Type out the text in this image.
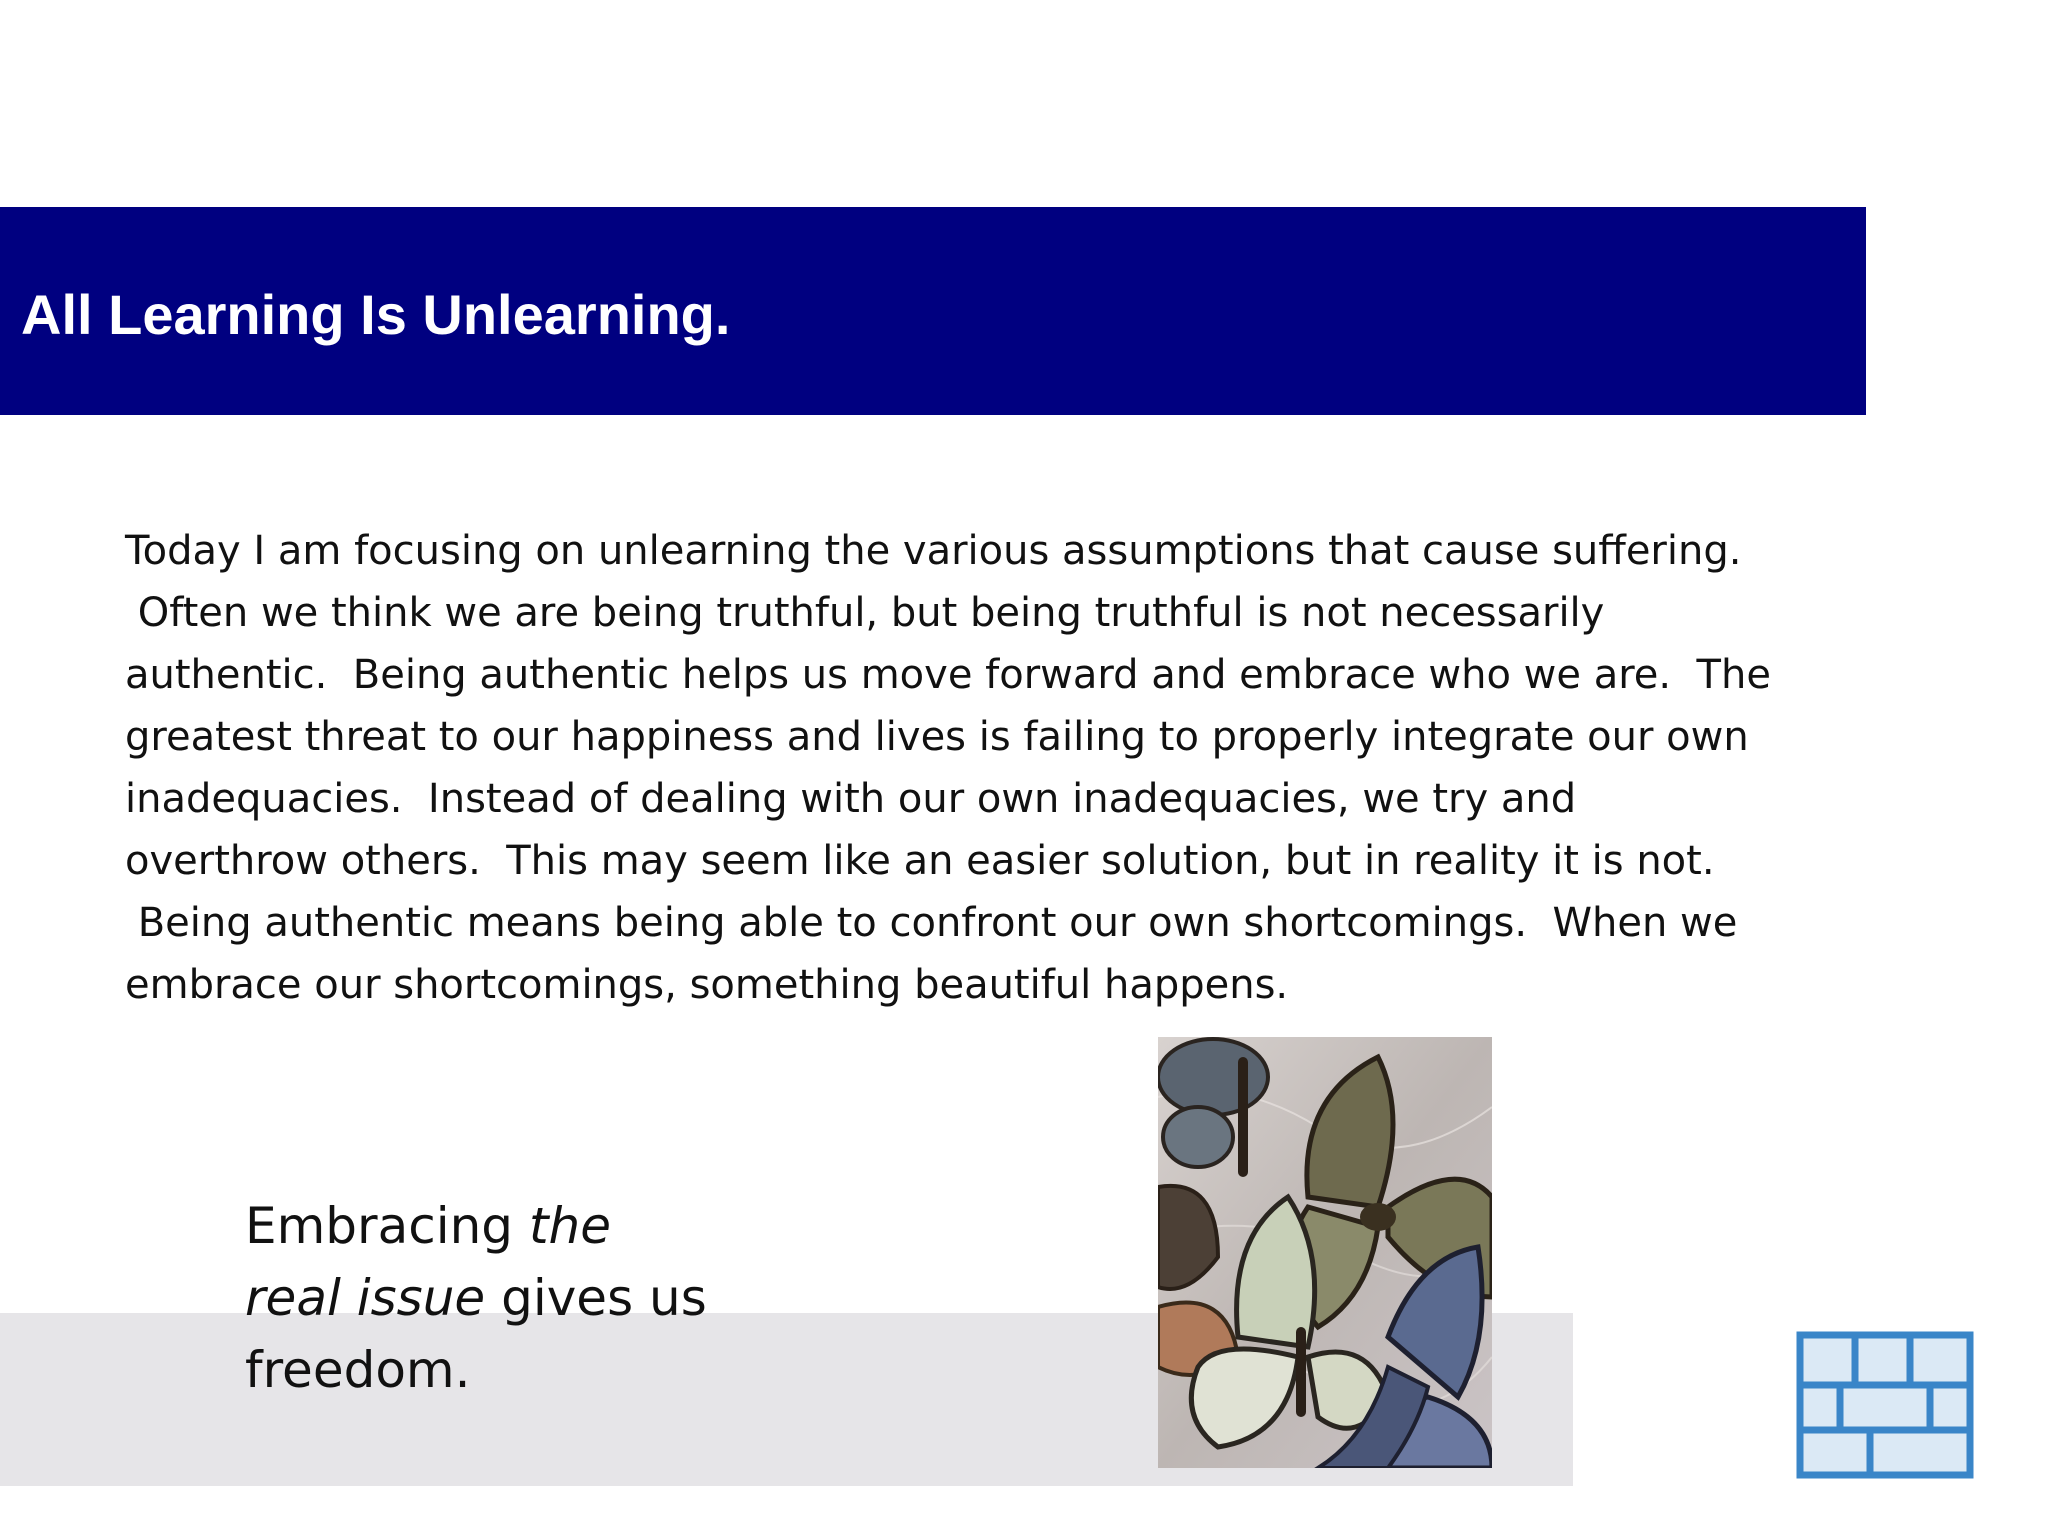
All Learning Is Unlearning.
Today I am focusing on unlearning the various assumptions that cause suffering.
Often we think we are being truthful, but being truthful is not necessarily
authentic.  Being authentic helps us move forward and embrace who we are.  The
greatest threat to our happiness and lives is failing to properly integrate our own
inadequacies.  Instead of dealing with our own inadequacies, we try and
overthrow others.  This may seem like an easier solution, but in reality it is not.
Being authentic means being able to confront our own shortcomings.  When we
embrace our shortcomings, something beautiful happens.
Embracing the
real issue gives us
freedom.
